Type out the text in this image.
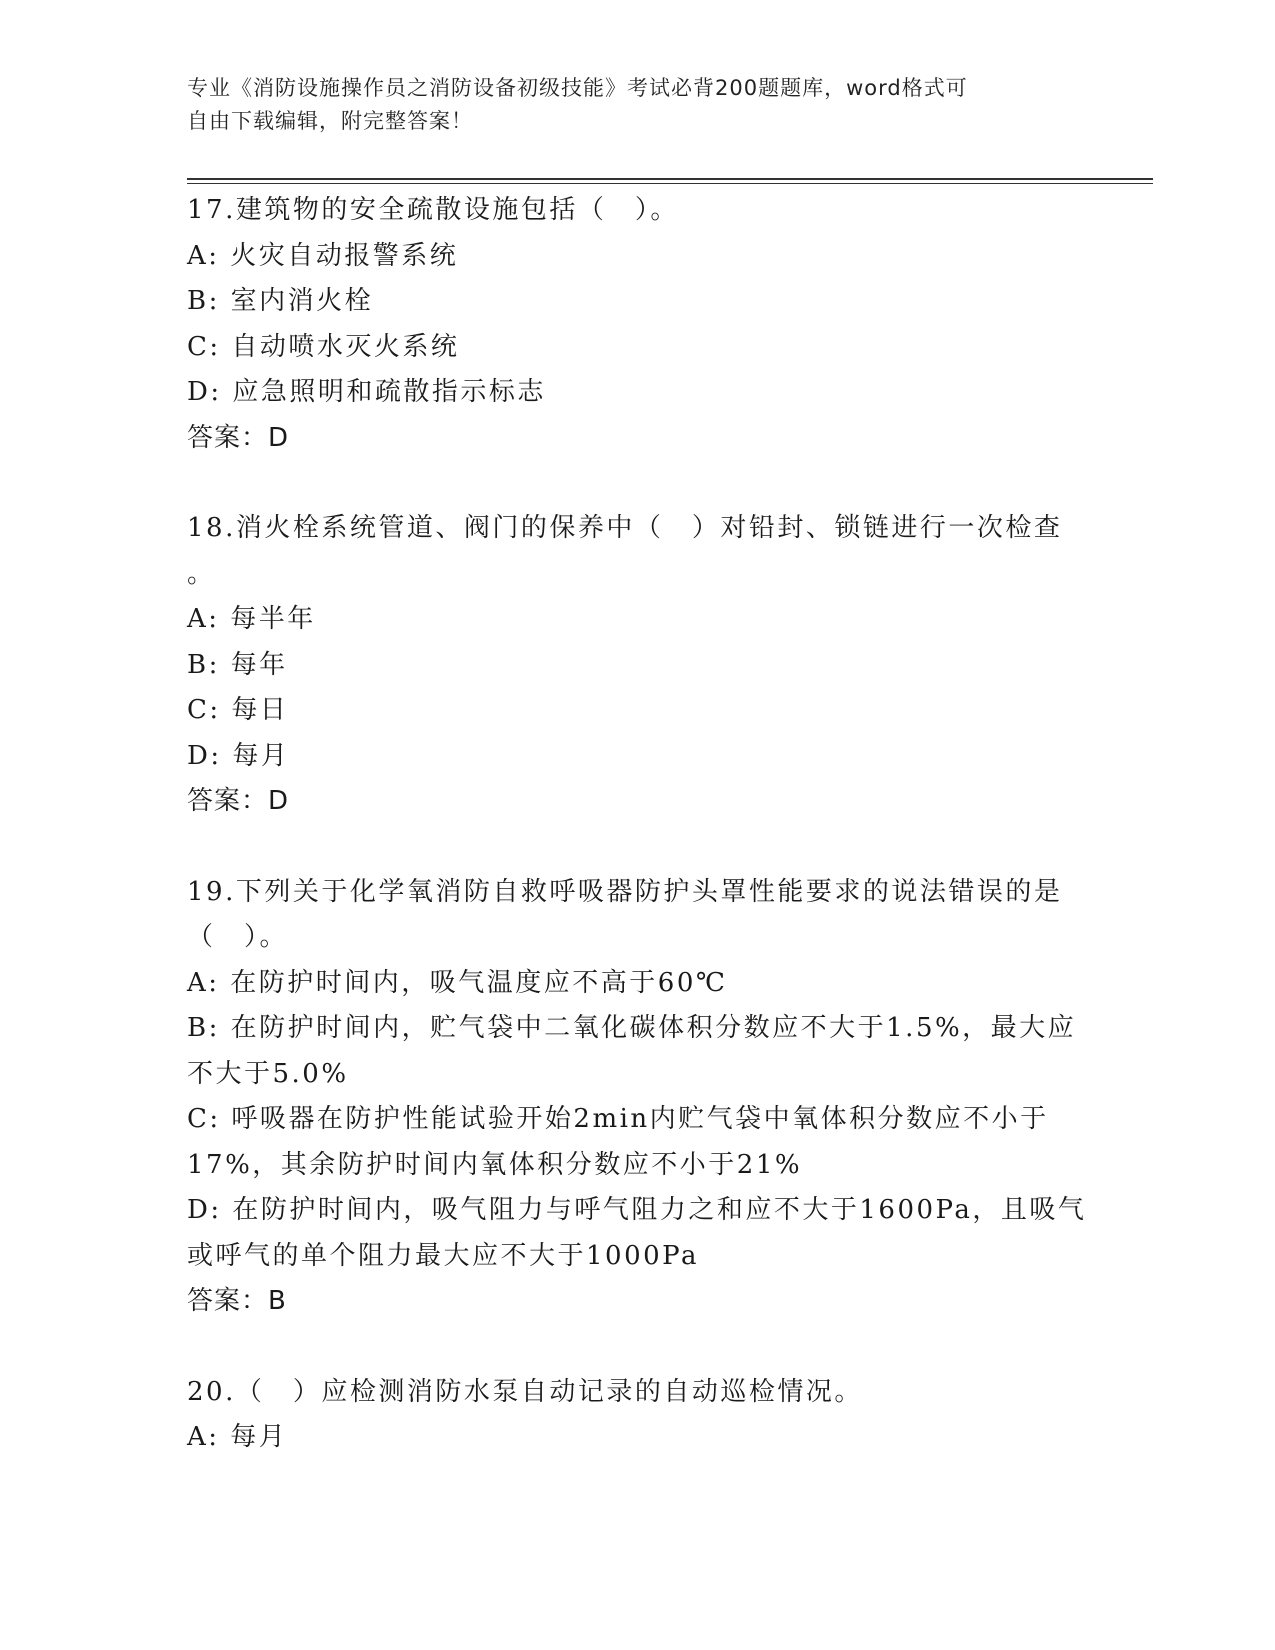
专业《消防设施操作员之消防设备初级技能》考试必背200题题库，word格式可
自由下载编辑，附完整答案！
17.建筑物的安全疏散设施包括（　）。
A: 火灾自动报警系统
B: 室内消火栓
C: 自动喷水灭火系统
D: 应急照明和疏散指示标志
答案：D
18.消火栓系统管道、阀门的保养中（　）对铅封、锁链进行一次检查
。
A: 每半年
B: 每年
C: 每日
D: 每月
答案：D
19.下列关于化学氧消防自救呼吸器防护头罩性能要求的说法错误的是
（　）。
A: 在防护时间内，吸气温度应不高于60℃
B: 在防护时间内，贮气袋中二氧化碳体积分数应不大于1.5%，最大应
不大于5.0%
C: 呼吸器在防护性能试验开始2min内贮气袋中氧体积分数应不小于
17%，其余防护时间内氧体积分数应不小于21%
D: 在防护时间内，吸气阻力与呼气阻力之和应不大于1600Pa，且吸气
或呼气的单个阻力最大应不大于1000Pa
答案：B
20.（　）应检测消防水泵自动记录的自动巡检情况。
A: 每月
